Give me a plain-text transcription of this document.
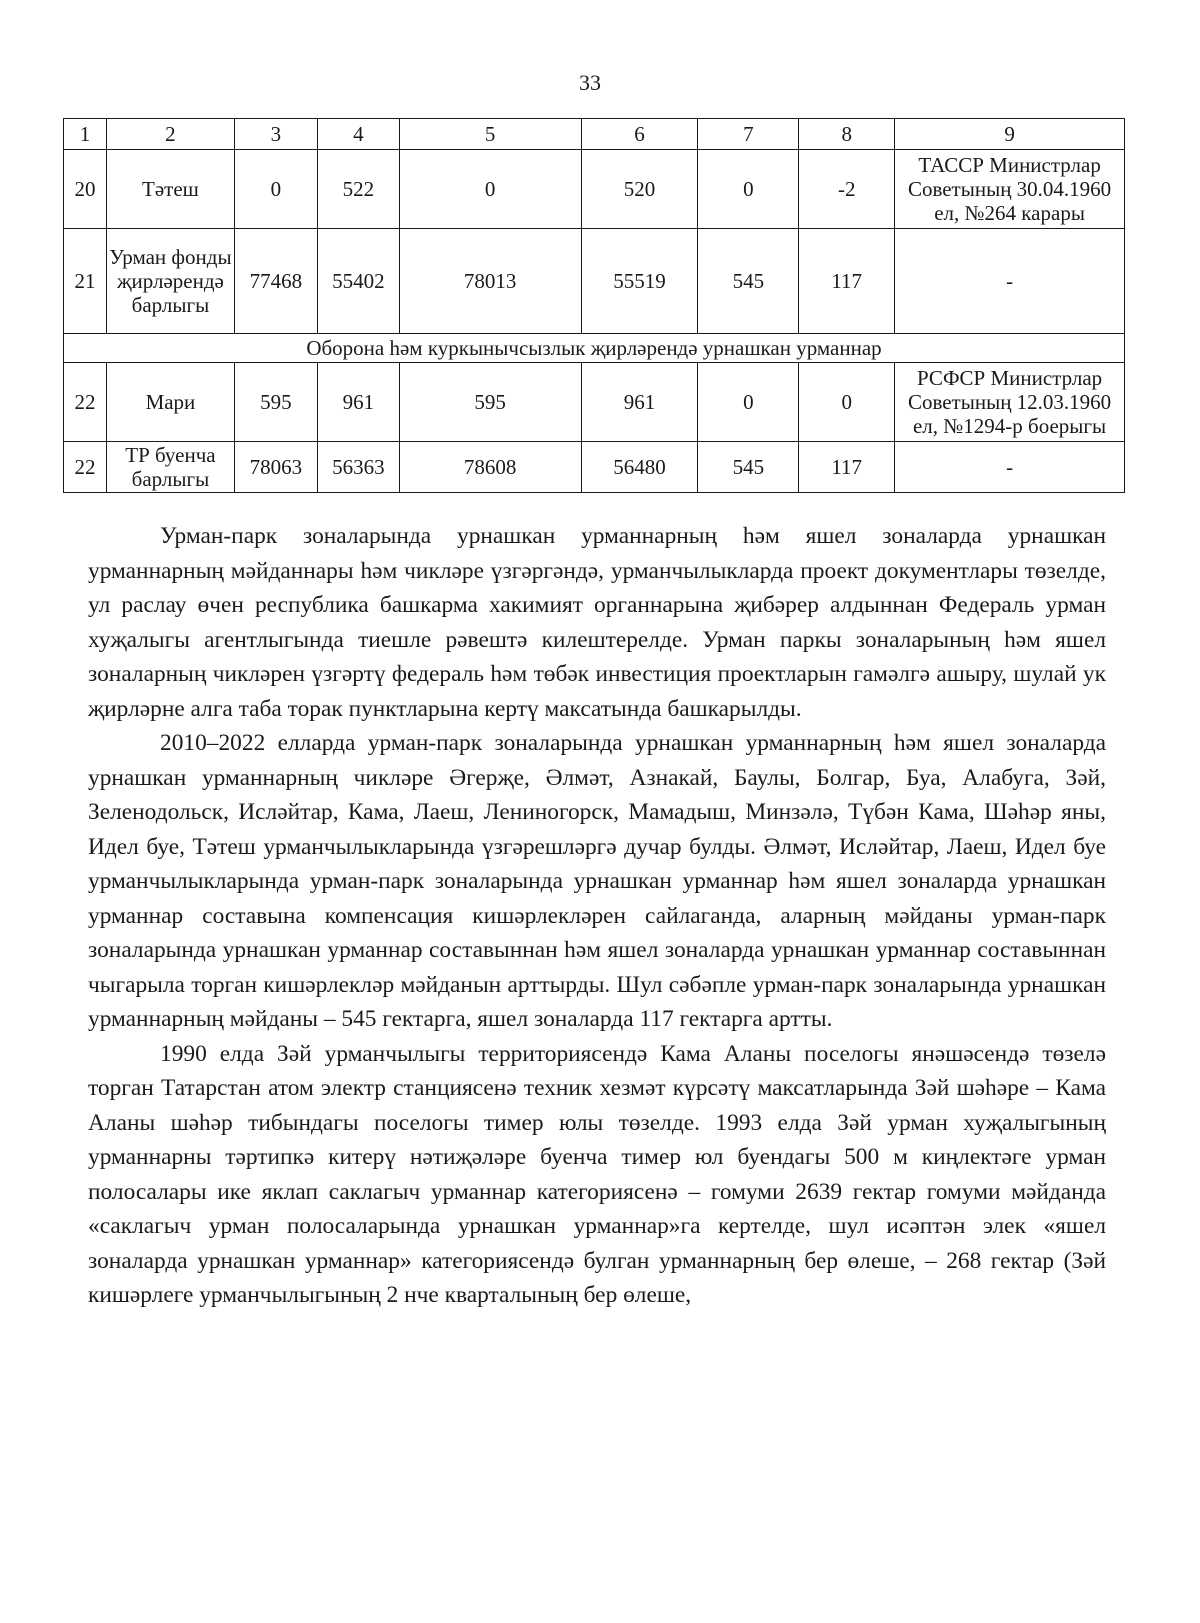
33
1	2	3	4	5	6	7	8	9
20	Тәтеш	0	522	0	520	0	-2	ТАССР Министрлар Советының 30.04.1960 ел, №264 карары
21	Урман фонды җирләрендә барлыгы	77468	55402	78013	55519	545	117	-
Оборона һәм куркынычсызлык җирләрендә урнашкан урманнар								
22	Мари	595	961	595	961	0	0	РСФСР Министрлар Советының 12.03.1960 ел, №1294-р боерыгы
22	ТР буенча барлыгы	78063	56363	78608	56480	545	117	-

Урман-парк зоналарында урнашкан урманнарның һәм яшел зоналарда урнашкан урманнарның мәйданнары һәм чикләре үзгәргәндә, урманчылыкларда проект документлары төзелде, ул раслау өчен республика башкарма хакимият органнарына җибәрер алдыннан Федераль урман хуҗалыгы агентлыгында тиешле рәвештә килештерелде. Урман паркы зоналарының һәм яшел зоналарның чикләрен үзгәртү федераль һәм төбәк инвестиция проектларын гамәлгә ашыру, шулай ук җирләрне алга таба торак пунктларына кертү максатында башкарылды.

2010–2022 елларда урман-парк зоналарында урнашкан урманнарның һәм яшел зоналарда урнашкан урманнарның чикләре Әгерҗе, Әлмәт, Азнакай, Баулы, Болгар, Буа, Алабуга, Зәй, Зеленодольск, Исләйтар, Кама, Лаеш, Лениногорск, Мамадыш, Минзәлә, Түбән Кама, Шәһәр яны, Идел буе, Тәтеш урманчылыкларында үзгәрешләргә дучар булды. Әлмәт, Исләйтар, Лаеш, Идел буе урманчылыкларында урман-парк зоналарында урнашкан урманнар һәм яшел зоналарда урнашкан урманнар составына компенсация кишәрлекләрен сайлаганда, аларның мәйданы урман-парк зоналарында урнашкан урманнар составыннан һәм яшел зоналарда урнашкан урманнар составыннан чыгарыла торган кишәрлекләр мәйданын арттырды. Шул сәбәпле урман-парк зоналарында урнашкан урманнарның мәйданы – 545 гектарга, яшел зоналарда 117 гектарга артты.

1990 елда Зәй урманчылыгы территориясендә Кама Аланы поселогы янәшәсендә төзелә торган Татарстан атом электр станциясенә техник хезмәт күрсәтү максатларында Зәй шәһәре – Кама Аланы шәһәр тибындагы поселогы тимер юлы төзелде. 1993 елда Зәй урман хуҗалыгының урманнарны тәртипкә китерү нәтиҗәләре буенча тимер юл буендагы 500 м киңлектәге урман полосалары ике яклап саклагыч урманнар категориясенә – гомуми 2639 гектар гомуми мәйданда «саклагыч урман полосаларында урнашкан урманнар»га кертелде, шул исәптән элек «яшел зоналарда урнашкан урманнар» категориясендә булган урманнарның бер өлеше, – 268 гектар (Зәй кишәрлеге урманчылыгының 2 нче кварталының бер өлеше,
